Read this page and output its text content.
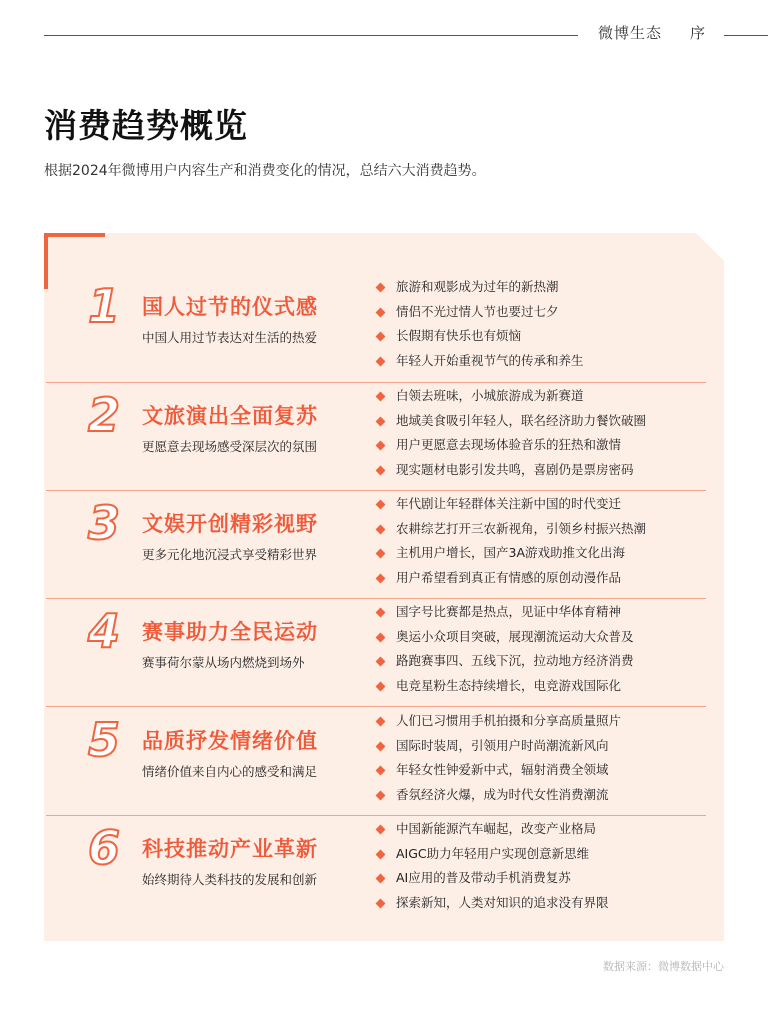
微博生态 序
消费趋势概览
根据2024年微博用户内容生产和消费变化的情况，总结六大消费趋势。
1 国人过节的仪式感
中国人用过节表达对生活的热爱
旅游和观影成为过年的新热潮
情侣不光过情人节也要过七夕
长假期有快乐也有烦恼
年轻人开始重视节气的传承和养生
2 文旅演出全面复苏
更愿意去现场感受深层次的氛围
白领去班味，小城旅游成为新赛道
地域美食吸引年轻人，联名经济助力餐饮破圈
用户更愿意去现场体验音乐的狂热和激情
现实题材电影引发共鸣，喜剧仍是票房密码
3 文娱开创精彩视野
更多元化地沉浸式享受精彩世界
年代剧让年轻群体关注新中国的时代变迁
农耕综艺打开三农新视角，引领乡村振兴热潮
主机用户增长，国产3A游戏助推文化出海
用户希望看到真正有情感的原创动漫作品
4 赛事助力全民运动
赛事荷尔蒙从场内燃烧到场外
国字号比赛都是热点，见证中华体育精神
奥运小众项目突破，展现潮流运动大众普及
路跑赛事四、五线下沉，拉动地方经济消费
电竞星粉生态持续增长，电竞游戏国际化
5 品质抒发情绪价值
情绪价值来自内心的感受和满足
人们已习惯用手机拍摄和分享高质量照片
国际时装周，引领用户时尚潮流新风向
年轻女性钟爱新中式，辐射消费全领域
香氛经济火爆，成为时代女性消费潮流
6 科技推动产业革新
始终期待人类科技的发展和创新
中国新能源汽车崛起，改变产业格局
AIGC助力年轻用户实现创意新思维
AI应用的普及带动手机消费复苏
探索新知，人类对知识的追求没有界限
数据来源：微博数据中心
